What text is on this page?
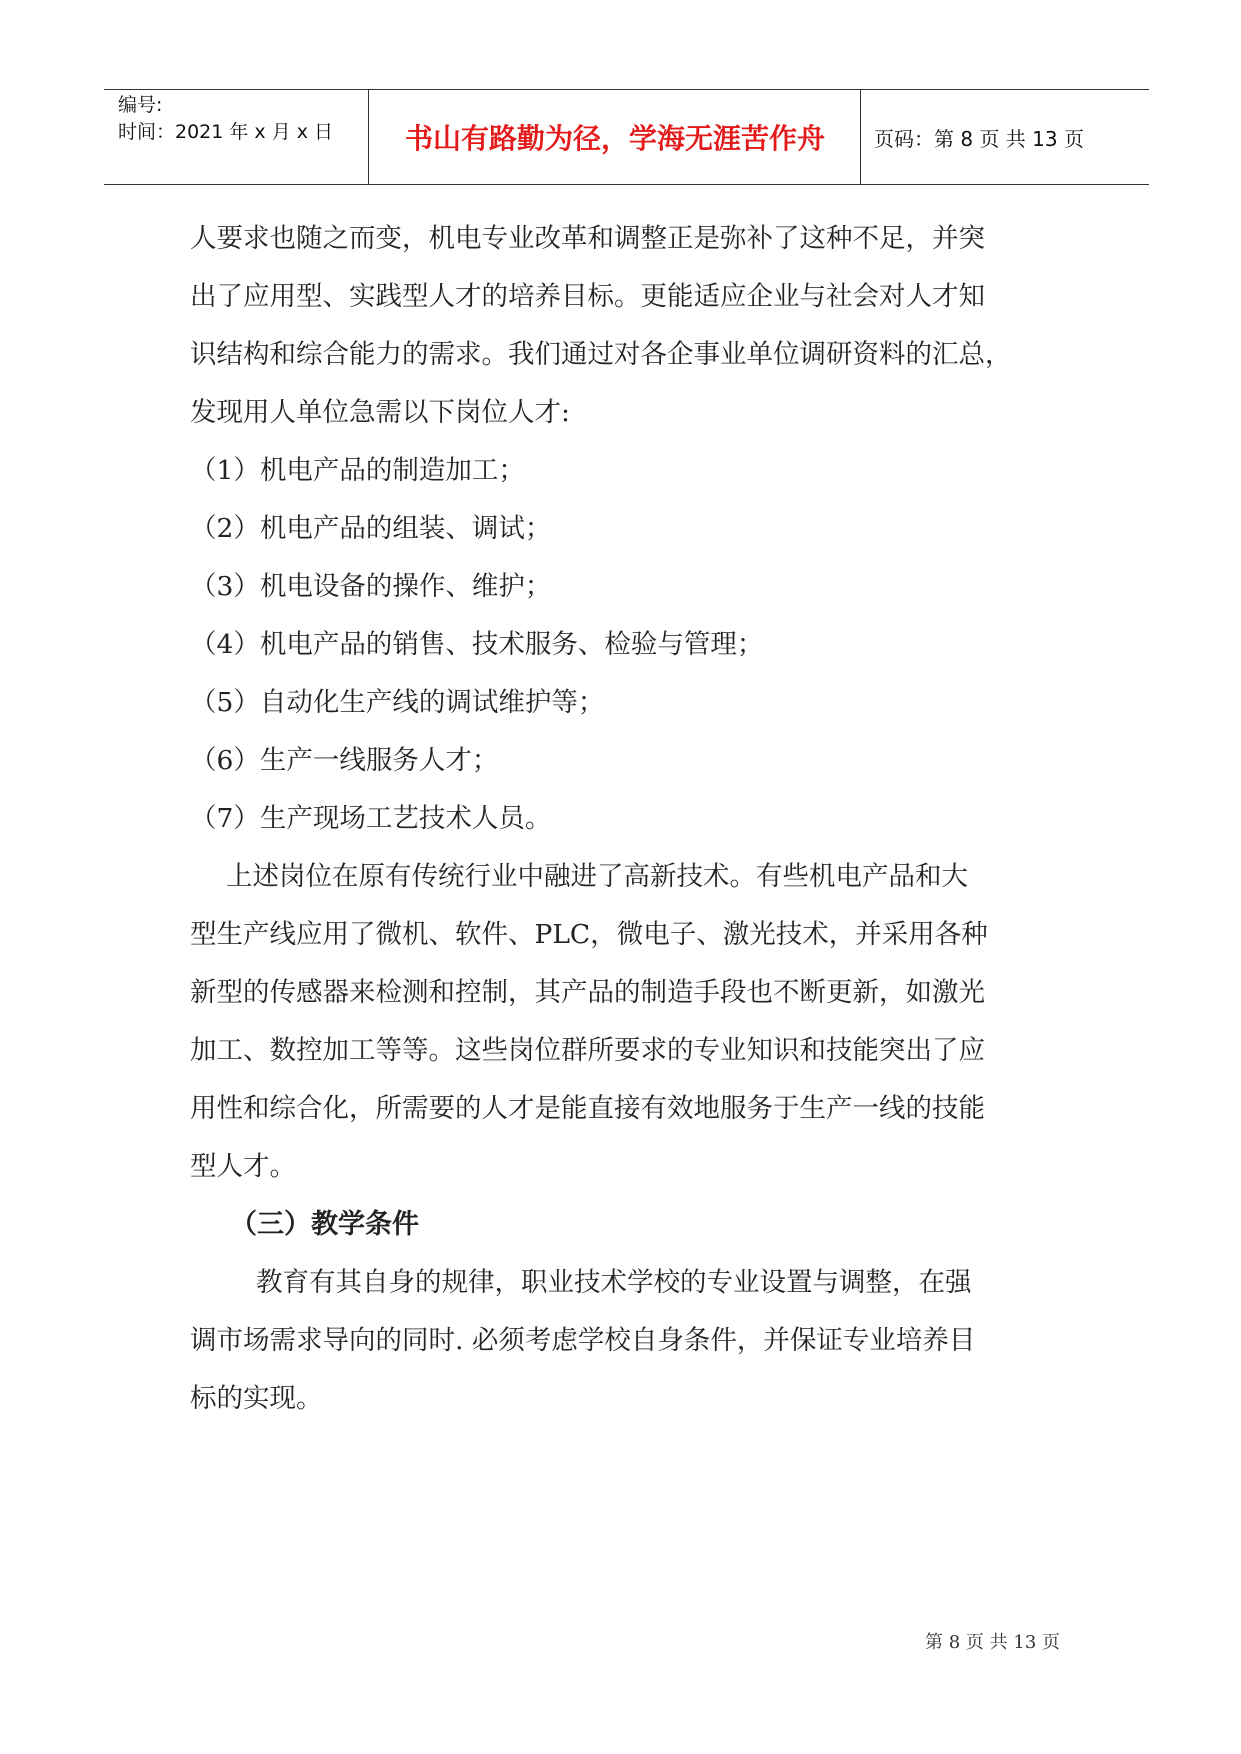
编号:
时间：2021 年 x 月 x 日	书山有路勤为径，学海无涯苦作舟	页码：第 8 页 共 13 页
人要求也随之而变，机电专业改革和调整正是弥补了这种不足，并突
出了应用型、实践型人才的培养目标。更能适应企业与社会对人才知
识结构和综合能力的需求。我们通过对各企事业单位调研资料的汇总，
发现用人单位急需以下岗位人才:
（1）机电产品的制造加工；
（2）机电产品的组装、调试；
（3）机电设备的操作、维护；
（4）机电产品的销售、技术服务、检验与管理；
（5）自动化生产线的调试维护等；
（6）生产一线服务人才；
（7）生产现场工艺技术人员。
上述岗位在原有传统行业中融进了高新技术。有些机电产品和大
型生产线应用了微机、软件、PLC，微电子、激光技术，并采用各种
新型的传感器来检测和控制，其产品的制造手段也不断更新，如激光
加工、数控加工等等。这些岗位群所要求的专业知识和技能突出了应
用性和综合化，所需要的人才是能直接有效地服务于生产一线的技能
型人才。
（三）教学条件
教育有其自身的规律，职业技术学校的专业设置与调整，在强
调市场需求导向的同时. 必须考虑学校自身条件，并保证专业培养目
标的实现。
第 8 页 共 13 页
